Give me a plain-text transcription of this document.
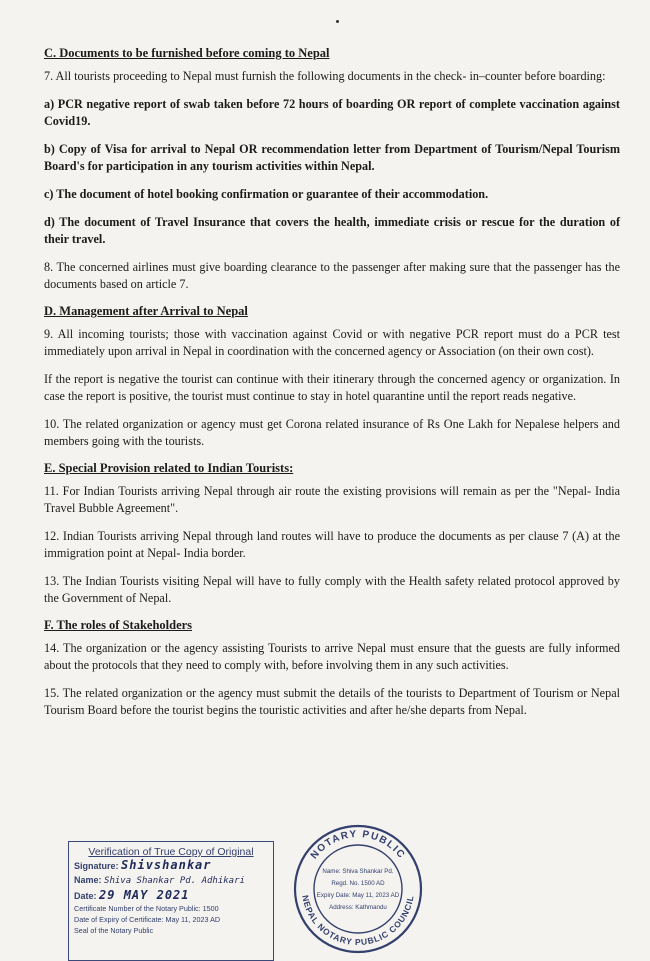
C. Documents to be furnished before coming to Nepal
7. All tourists proceeding to Nepal must furnish the following documents in the check- in–counter before boarding:
a) PCR negative report of swab taken before 72 hours of boarding OR report of complete vaccination against Covid19.
b) Copy of Visa for arrival to Nepal OR recommendation letter from Department of Tourism/Nepal Tourism Board's for participation in any tourism activities within Nepal.
c) The document of hotel booking confirmation or guarantee of their accommodation.
d) The document of Travel Insurance that covers the health, immediate crisis or rescue for the duration of their travel.
8. The concerned airlines must give boarding clearance to the passenger after making sure that the passenger has the documents based on article 7.
D. Management after Arrival to Nepal
9. All incoming tourists; those with vaccination against Covid or with negative PCR report must do a PCR test immediately upon arrival in Nepal in coordination with the concerned agency or Association (on their own cost).
If the report is negative the tourist can continue with their itinerary through the concerned agency or organization. In case the report is positive, the tourist must continue to stay in hotel quarantine until the report reads negative.
10. The related organization or agency must get Corona related insurance of Rs One Lakh for Nepalese helpers and members going with the tourists.
E. Special Provision related to Indian Tourists:
11. For Indian Tourists arriving Nepal through air route the existing provisions will remain as per the "Nepal- India Travel Bubble Agreement".
12. Indian Tourists arriving Nepal through land routes will have to produce the documents as per clause 7 (A) at the immigration point at Nepal- India border.
13. The Indian Tourists visiting Nepal will have to fully comply with the Health safety related protocol approved by the Government of Nepal.
F. The roles of Stakeholders
14. The organization or the agency assisting Tourists to arrive Nepal must ensure that the guests are fully informed about the protocols that they need to comply with, before involving them in any such activities.
15. The related organization or the agency must submit the details of the tourists to Department of Tourism or Nepal Tourism Board before the tourist begins the touristic activities and after he/she departs from Nepal.
Verification of True Copy of Original
Signature: Shivshankar
Name: Shiva Shankar Pd. Adhikari
Date: 29 MAY 2021
Certificate Number of the Notary Public: 1500
Date of Expiry of Certificate: May 11, 2023 AD
Seal of the Notary Public
NOTARY PUBLIC
NEPAL NOTARY PUBLIC COUNCIL
Name: Shiva Shankar Pd.
Regd. No. 1500 AD
Expiry Date: May 11, 2023 AD
Address: Kathmandu
